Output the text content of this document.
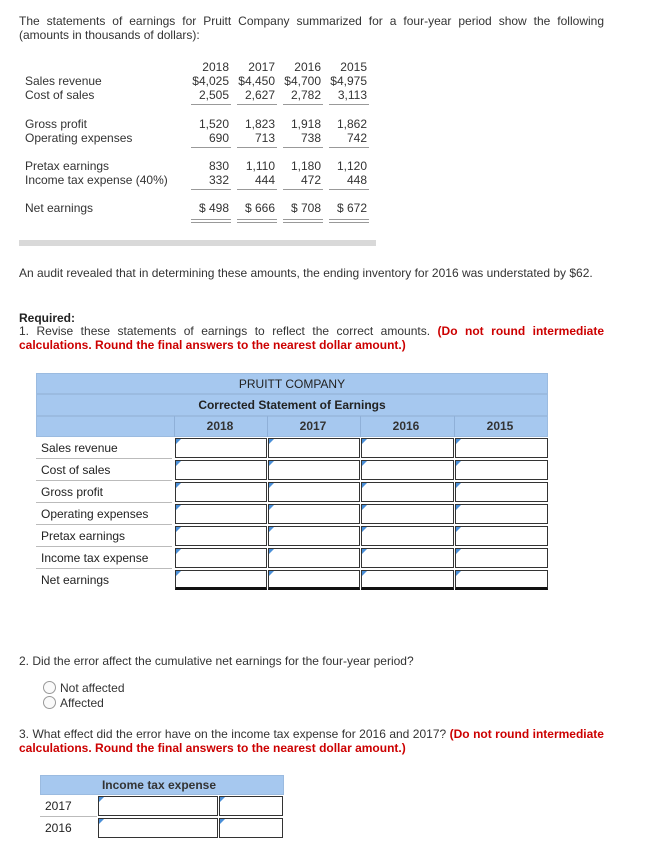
The statements of earnings for Pruitt Company summarized for a four-year period show the following (amounts in thousands of dollars):
2018	2017	2016	2015
Sales revenue	$4,025 $4,450 $4,700 $4,975
Cost of sales	2,505	2,627	2,782	3,113
Gross profit	1,520	1,823	1,918	1,862
Operating expenses	690	713	738	742
Pretax earnings	830	1,110	1,180	1,120
Income tax expense (40%)	332	444	472	448
Net earnings	$ 498	$ 666	$ 708	$ 672
An audit revealed that in determining these amounts, the ending inventory for 2016 was understated by $62.
Required:
1. Revise these statements of earnings to reflect the correct amounts. (Do not round intermediate calculations. Round the final answers to the nearest dollar amount.)
PRUITT COMPANY
Corrected Statement of Earnings
2018	2017	2016	2015
Sales revenue
Cost of sales
Gross profit
Operating expenses
Pretax earnings
Income tax expense
Net earnings
2. Did the error affect the cumulative net earnings for the four-year period?
Not affected
Affected
3. What effect did the error have on the income tax expense for 2016 and 2017? (Do not round intermediate calculations. Round the final answers to the nearest dollar amount.)
Income tax expense
2017
2016
